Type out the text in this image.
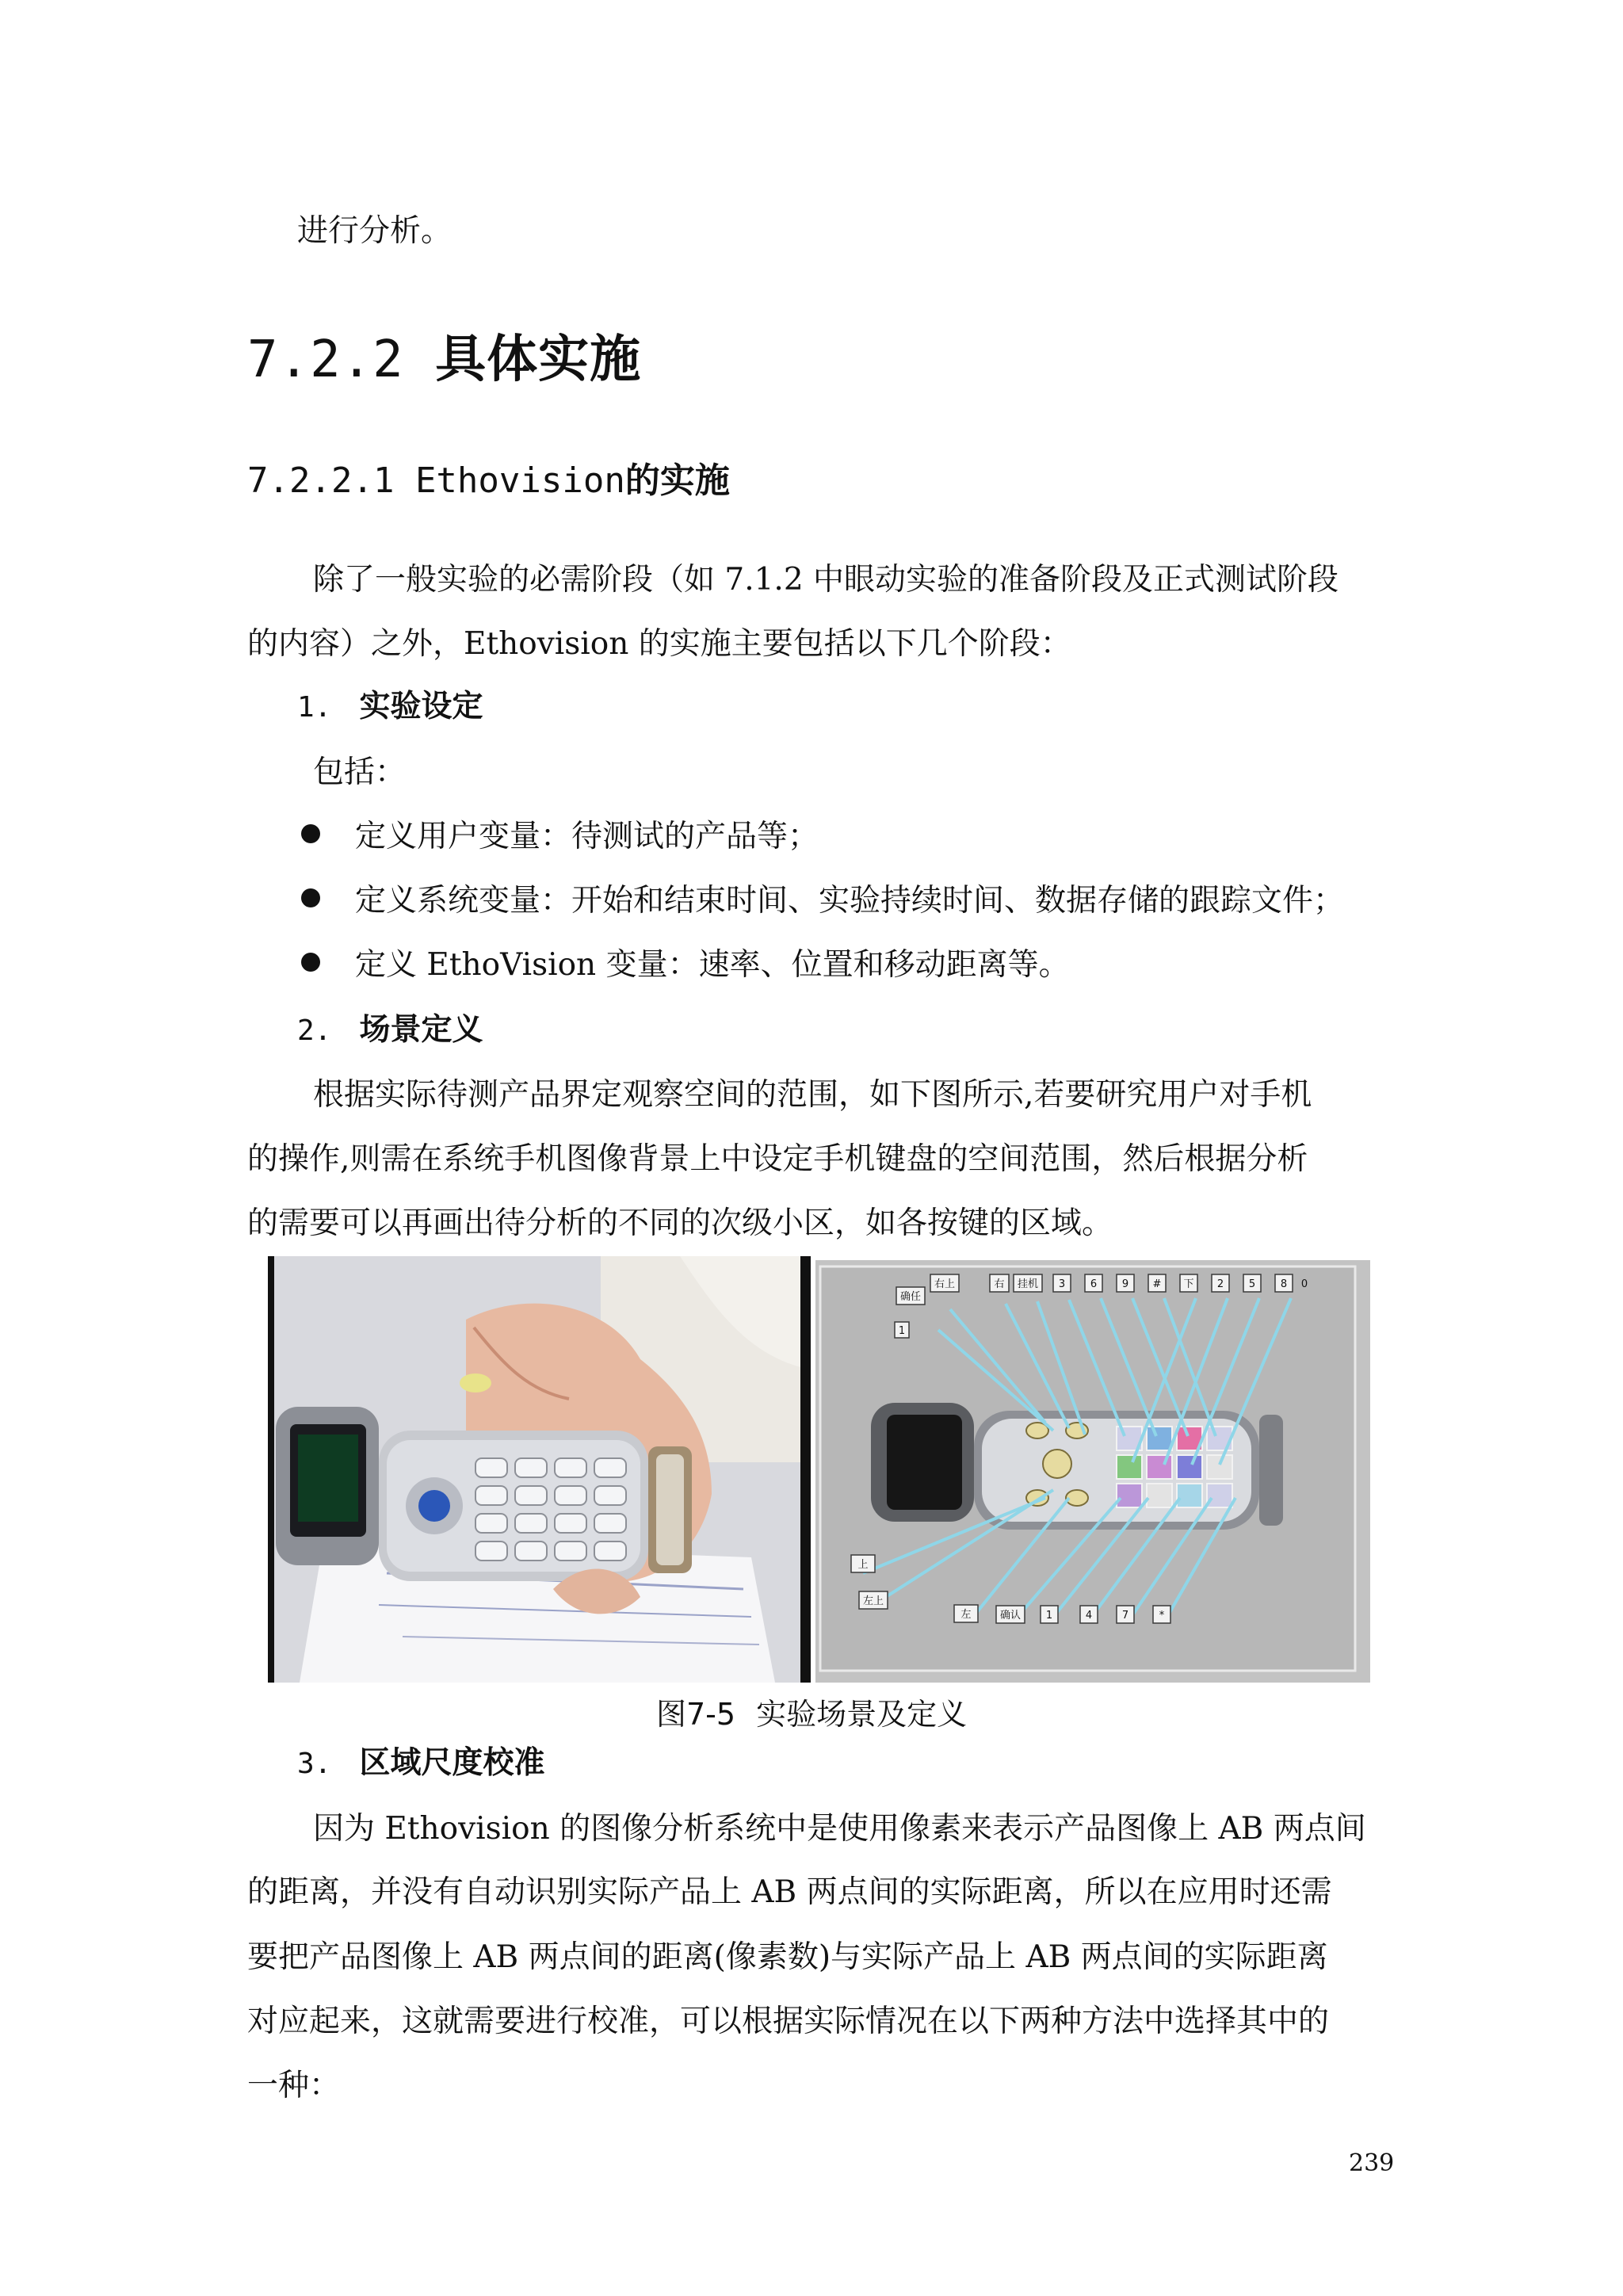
进行分析。
7.2.2 具体实施
7.2.2.1 Ethovision的实施
除了一般实验的必需阶段（如 7.1.2 中眼动实验的准备阶段及正式测试阶段
的内容）之外，Ethovision 的实施主要包括以下几个阶段：
1. 实验设定
包括：
定义用户变量：待测试的产品等；
定义系统变量：开始和结束时间、实验持续时间、数据存储的跟踪文件；
定义 EthoVision 变量：速率、位置和移动距离等。
2. 场景定义
根据实际待测产品界定观察空间的范围，如下图所示,若要研究用户对手机
的操作,则需在系统手机图像背景上中设定手机键盘的空间范围，然后根据分析
的需要可以再画出待分析的不同的次级小区，如各按键的区域。
确任
1
右上	右 挂机 3 6 9 # 下 2 5 8 0
上
左上
左	确认 1	4	7	*
图7-5 实验场景及定义
3. 区域尺度校准
因为 Ethovision 的图像分析系统中是使用像素来表示产品图像上 AB 两点间
的距离，并没有自动识别实际产品上 AB 两点间的实际距离，所以在应用时还需
要把产品图像上 AB 两点间的距离(像素数)与实际产品上 AB 两点间的实际距离
对应起来，这就需要进行校准，可以根据实际情况在以下两种方法中选择其中的
一种：
239
